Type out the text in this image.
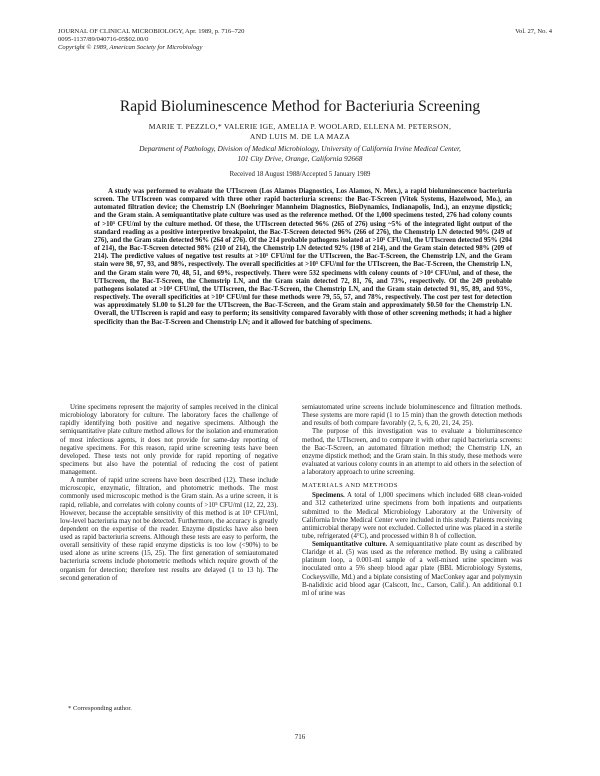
JOURNAL OF CLINICAL MICROBIOLOGY, Apr. 1989, p. 716–720
0095-1137/89/040716-05$02.00/0
Copyright © 1989, American Society for Microbiology
Vol. 27, No. 4
Rapid Bioluminescence Method for Bacteriuria Screening
MARIE T. PEZZLO,* VALERIE IGE, AMELIA P. WOOLARD, ELLENA M. PETERSON,
AND LUIS M. DE LA MAZA
Department of Pathology, Division of Medical Microbiology, University of California Irvine Medical Center,
101 City Drive, Orange, California 92668
Received 18 August 1988/Accepted 5 January 1989

A study was performed to evaluate the UTIscreen (Los Alamos Diagnostics, Los Alamos, N. Mex.), a rapid bioluminescence bacteriuria screen. The UTIscreen was compared with three other rapid bacteriuria screens: the Bac-T-Screen (Vitek Systems, Hazelwood, Mo.), an automated filtration device; the Chemstrip LN (Boehringer Mannheim Diagnostics, BioDynamics, Indianapolis, Ind.), an enzyme dipstick; and the Gram stain. A semiquantitative plate culture was used as the reference method. Of the 1,000 specimens tested, 276 had colony counts of >10⁵ CFU/ml by the culture method. Of these, the UTIscreen detected 96% (265 of 276) using ~5% of the integrated light output of the standard reading as a positive interpretive breakpoint, the Bac-T-Screen detected 96% (266 of 276), the Chemstrip LN detected 90% (249 of 276), and the Gram stain detected 96% (264 of 276). Of the 214 probable pathogens isolated at >10⁵ CFU/ml, the UTIscreen detected 95% (204 of 214), the Bac-T-Screen detected 98% (210 of 214), the Chemstrip LN detected 92% (198 of 214), and the Gram stain detected 98% (209 of 214). The predictive values of negative test results at >10⁵ CFU/ml for the UTIscreen, the Bac-T-Screen, the Chemstrip LN, and the Gram stain were 98, 97, 93, and 98%, respectively. The overall specificities at >10⁵ CFU/ml for the UTIscreen, the Bac-T-Screen, the Chemstrip LN, and the Gram stain were 70, 48, 51, and 69%, respectively. There were 532 specimens with colony counts of >10⁴ CFU/ml, and of these, the UTIscreen, the Bac-T-Screen, the Chemstrip LN, and the Gram stain detected 72, 81, 76, and 73%, respectively. Of the 249 probable pathogens isolated at >10⁴ CFU/ml, the UTIscreen, the Bac-T-Screen, the Chemstrip LN, and the Gram stain detected 91, 95, 89, and 93%, respectively. The overall specificities at >10⁴ CFU/ml for these methods were 79, 55, 57, and 78%, respectively. The cost per test for detection was approximately $1.00 to $1.20 for the UTIscreen, the Bac-T-Screen, and the Gram stain and approximately $0.50 for the Chemstrip LN. Overall, the UTIscreen is rapid and easy to perform; its sensitivity compared favorably with those of other screening methods; it had a higher specificity than the Bac-T-Screen and Chemstrip LN; and it allowed for batching of specimens.

Urine specimens represent the majority of samples received in the clinical microbiology laboratory for culture. The laboratory faces the challenge of rapidly identifying both positive and negative specimens. Although the semiquantitative plate culture method allows for the isolation and enumeration of most infectious agents, it does not provide for same-day reporting of negative specimens. For this reason, rapid urine screening tests have been developed. These tests not only provide for rapid reporting of negative specimens but also have the potential of reducing the cost of patient management.

A number of rapid urine screens have been described (12). These include microscopic, enzymatic, filtration, and photometric methods. The most commonly used microscopic method is the Gram stain. As a urine screen, it is rapid, reliable, and correlates with colony counts of >10⁵ CFU/ml (12, 22, 23). However, because the acceptable sensitivity of this method is at 10⁵ CFU/ml, low-level bacteriuria may not be detected. Furthermore, the accuracy is greatly dependent on the expertise of the reader. Enzyme dipsticks have also been used as rapid bacteriuria screens. Although these tests are easy to perform, the overall sensitivity of these rapid enzyme dipsticks is too low (<90%) to be used alone as urine screens (15, 25). The first generation of semiautomated bacteriuria screens include photometric methods which require growth of the organism for detection; therefore test results are delayed (1 to 13 h). The second generation of

semiautomated urine screens include bioluminescence and filtration methods. These systems are more rapid (1 to 15 min) than the growth detection methods and results of both compare favorably (2, 5, 6, 20, 21, 24, 25).

The purpose of this investigation was to evaluate a bioluminescence method, the UTIscreen, and to compare it with other rapid bacteriuria screens: the Bac-T-Screen, an automated filtration method; the Chemstrip LN, an enzyme dipstick method; and the Gram stain. In this study, these methods were evaluated at various colony counts in an attempt to aid others in the selection of a laboratory approach to urine screening.

MATERIALS AND METHODS

Specimens. A total of 1,000 specimens which included 688 clean-voided and 312 catheterized urine specimens from both inpatients and outpatients submitted to the Medical Microbiology Laboratory at the University of California Irvine Medical Center were included in this study. Patients receiving antimicrobial therapy were not excluded. Collected urine was placed in a sterile tube, refrigerated (4°C), and processed within 8 h of collection.

Semiquantitative culture. A semiquantitative plate count as described by Claridge et al. (5) was used as the reference method. By using a calibrated platinum loop, a 0.001-ml sample of a well-mixed urine specimen was inoculated onto a 5% sheep blood agar plate (BBL Microbiology Systems, Cockeysville, Md.) and a biplate consisting of MacConkey agar and polymyxin B-nalidixic acid blood agar (Calscott, Inc., Carson, Calif.). An additional 0.1 ml of urine was

* Corresponding author.
716
